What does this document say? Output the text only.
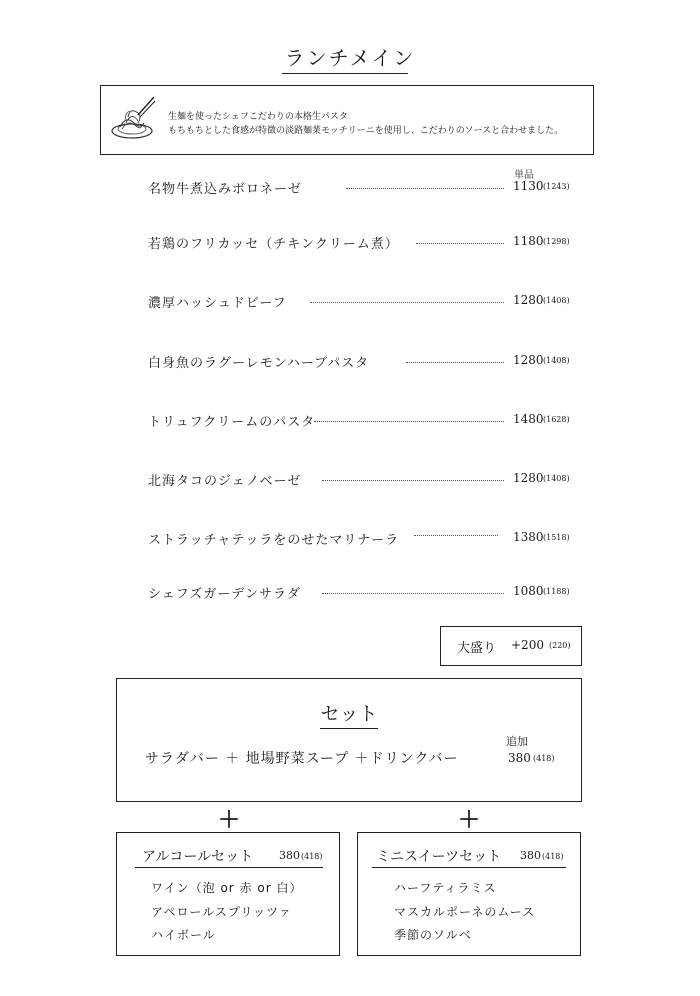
ランチメイン
生麺を使ったシェフこだわりの本格生パスタ
もちもちとした食感が特徴の淡路麺業モッチリーニを使用し、こだわりのソースと合わせました。
単品
名物牛煮込みボロネーゼ	1130 (1243)
若鶏のフリカッセ（チキンクリーム煮）	1180 (1298)
濃厚ハッシュドビーフ	1280 (1408)
白身魚のラグーレモンハーブパスタ	1280 (1408)
トリュフクリームのパスタ	1480 (1628)
北海タコのジェノベーゼ	1280 (1408)
ストラッチャテッラをのせたマリナーラ	1380 (1518)
シェフズガーデンサラダ	1080 (1188)
大盛り +200 (220)
セット
サラダバー ＋ 地場野菜スープ ＋ドリンクバー
追加
380 (418)
＋	＋
アルコールセット 380 (418)
ワイン（泡 or 赤 or 白）
アペロールスプリッツァ
ハイボール
ミニスイーツセット 380 (418)
ハーフティラミス
マスカルポーネのムース
季節のソルベ
